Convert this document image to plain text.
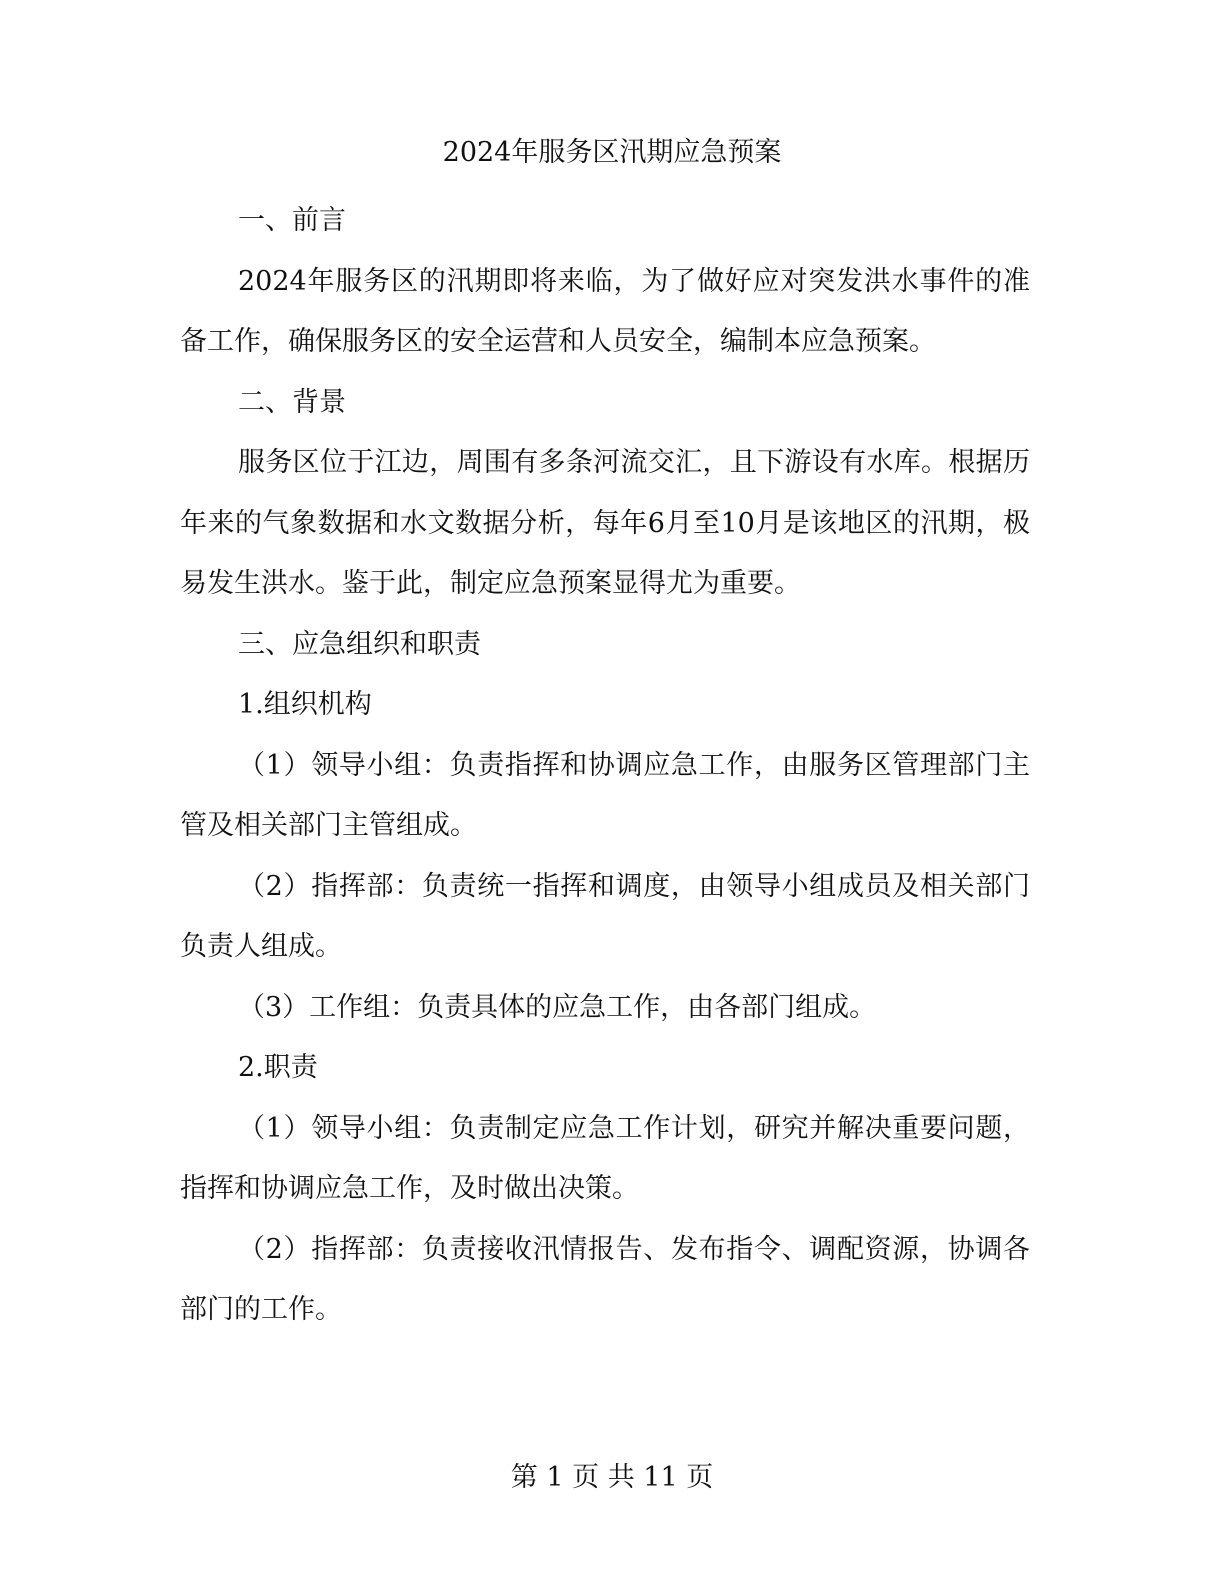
2024年服务区汛期应急预案

一、前言

2024年服务区的汛期即将来临，为了做好应对突发洪水事件的准备工作，确保服务区的安全运营和人员安全，编制本应急预案。

二、背景

服务区位于江边，周围有多条河流交汇，且下游设有水库。根据历年来的气象数据和水文数据分析，每年6月至10月是该地区的汛期，极易发生洪水。鉴于此，制定应急预案显得尤为重要。

三、应急组织和职责

1.组织机构

（1）领导小组：负责指挥和协调应急工作，由服务区管理部门主管及相关部门主管组成。

（2）指挥部：负责统一指挥和调度，由领导小组成员及相关部门负责人组成。

（3）工作组：负责具体的应急工作，由各部门组成。

2.职责

（1）领导小组：负责制定应急工作计划，研究并解决重要问题，指挥和协调应急工作，及时做出决策。

（2）指挥部：负责接收汛情报告、发布指令、调配资源，协调各部门的工作。

第 1 页 共 11 页
